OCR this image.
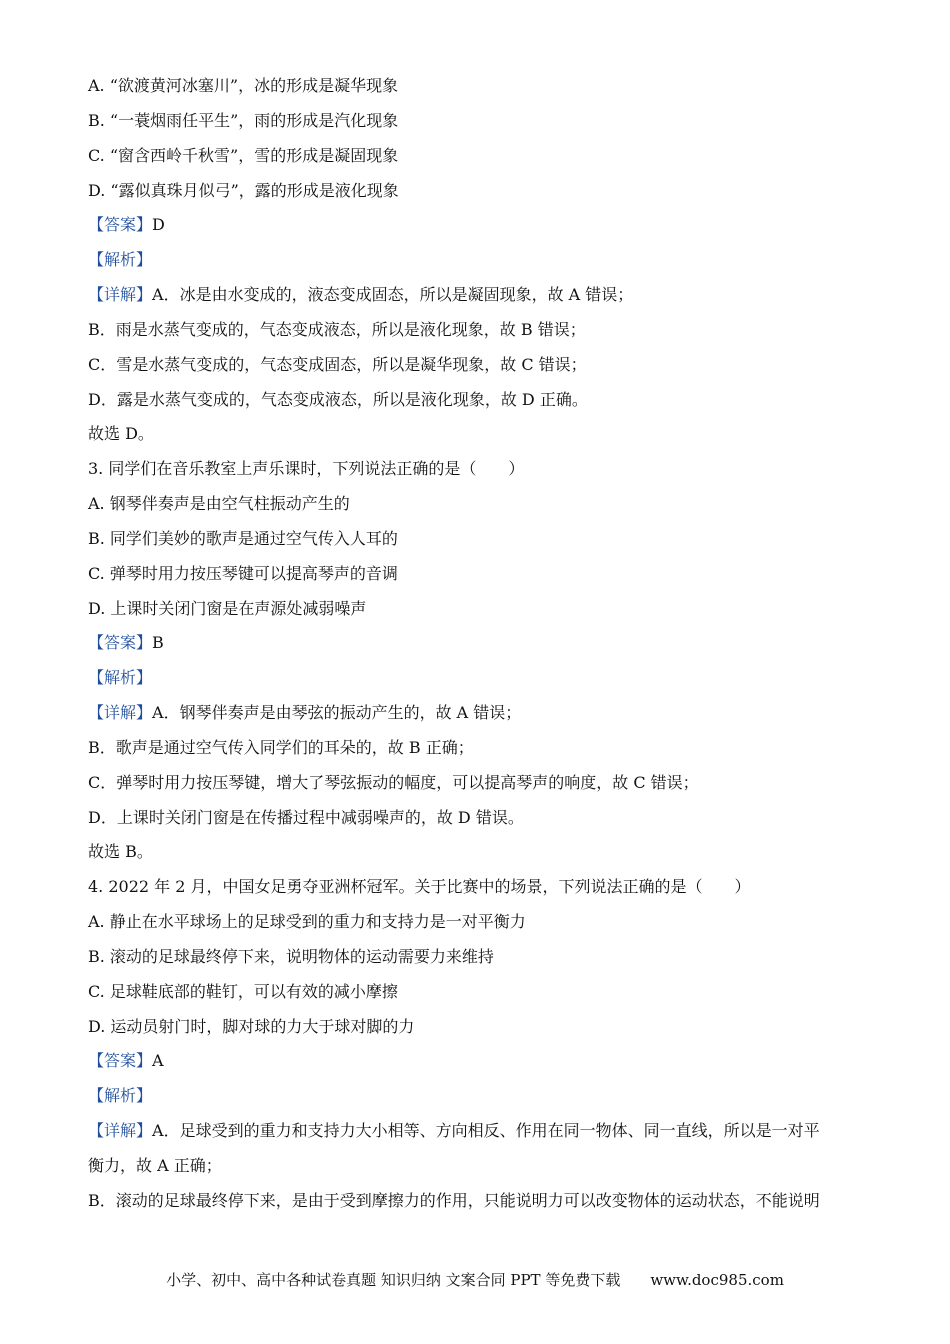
A. “欲渡黄河冰塞川”，冰的形成是凝华现象
B. “一蓑烟雨任平生”，雨的形成是汽化现象
C. “窗含西岭千秋雪”，雪的形成是凝固现象
D. “露似真珠月似弓”，露的形成是液化现象
【答案】D
【解析】
【详解】A．冰是由水变成的，液态变成固态，所以是凝固现象，故 A 错误；
B．雨是水蒸气变成的，气态变成液态，所以是液化现象，故 B 错误；
C．雪是水蒸气变成的，气态变成固态，所以是凝华现象，故 C 错误；
D．露是水蒸气变成的，气态变成液态，所以是液化现象，故 D 正确。
故选 D。
3. 同学们在音乐教室上声乐课时，下列说法正确的是（　　）
A. 钢琴伴奏声是由空气柱振动产生的
B. 同学们美妙的歌声是通过空气传入人耳的
C. 弹琴时用力按压琴键可以提高琴声的音调
D. 上课时关闭门窗是在声源处减弱噪声
【答案】B
【解析】
【详解】A．钢琴伴奏声是由琴弦的振动产生的，故 A 错误；
B．歌声是通过空气传入同学们的耳朵的，故 B 正确；
C．弹琴时用力按压琴键，增大了琴弦振动的幅度，可以提高琴声的响度，故 C 错误；
D．上课时关闭门窗是在传播过程中减弱噪声的，故 D 错误。
故选 B。
4. 2022 年 2 月，中国女足勇夺亚洲杯冠军。关于比赛中的场景，下列说法正确的是（　　）
A. 静止在水平球场上的足球受到的重力和支持力是一对平衡力
B. 滚动的足球最终停下来，说明物体的运动需要力来维持
C. 足球鞋底部的鞋钉，可以有效的减小摩擦
D. 运动员射门时，脚对球的力大于球对脚的力
【答案】A
【解析】
【详解】A．足球受到的重力和支持力大小相等、方向相反、作用在同一物体、同一直线，所以是一对平
衡力，故 A 正确；
B．滚动的足球最终停下来，是由于受到摩擦力的作用，只能说明力可以改变物体的运动状态，不能说明
小学、初中、高中各种试卷真题 知识归纳 文案合同 PPT 等免费下载　　www.doc985.com
